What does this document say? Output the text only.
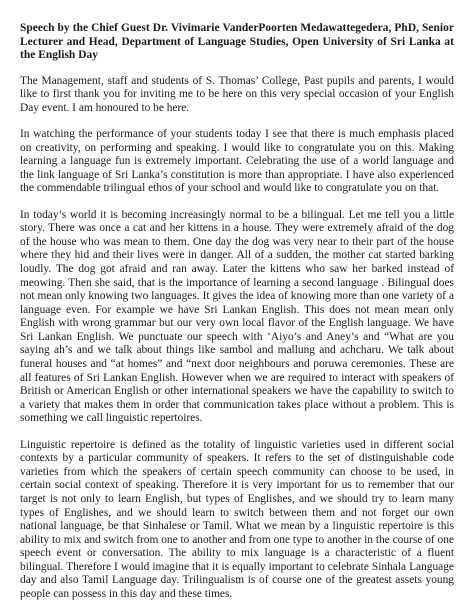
Speech by the Chief Guest Dr. Vivimarie VanderPoorten Medawattegedera, PhD, Senior Lecturer and Head, Department of Language Studies, Open University of Sri Lanka at the English Day

The Management, staff and students of S. Thomas’ College, Past pupils and parents, I would like to first thank you for inviting me to be here on this very special occasion of your English Day event. I am honoured to be here.

In watching the performance of your students today I see that there is much emphasis placed on creativity, on performing and speaking. I would like to congratulate you on this. Making learning a language fun is extremely important. Celebrating the use of a world language and the link language of Sri Lanka’s constitution is more than appropriate. I have also experienced the commendable trilingual ethos of your school and would like to congratulate you on that.

In today’s world it is becoming increasingly normal to be a bilingual. Let me tell you a little story. There was once a cat and her kittens in a house. They were extremely afraid of the dog of the house who was mean to them. One day the dog was very near to their part of the house where they hid and their lives were in danger. All of a sudden, the mother cat started barking loudly. The dog got afraid and ran away. Later the kittens who saw her barked instead of meowing. Then she said, that is the importance of learning a second language . Bilingual does not mean only knowing two languages. It gives the idea of knowing more than one variety of a language even. For example we have Sri Lankan English. This does not mean mean only English with wrong grammar but our very own local flavor of the English language. We have Sri Lankan English. We punctuate our speech with ‘Aiyo’s and Aney’s and “What are you saying ah’s and we talk about things like sambol and mallung and achcharu. We talk about funeral houses and “at homes” and “next door neighbours and poruwa ceremonies. These are all features of Sri Lankan English. However when we are required to interact with speakers of British or American English or other international speakers we have the capability to switch to a variety that makes them in order that communication takes place without a problem. This is something we call linguistic repertoires.

Linguistic repertoire is defined as the totality of linguistic varieties used in different social contexts by a particular community of speakers. It refers to the set of distinguishable code varieties from which the speakers of certain speech community can choose to be used, in certain social context of speaking. Therefore it is very important for us to remember that our target is not only to learn English, but types of Englishes, and we should try to learn many types of Englishes, and we should learn to switch between them and not forget our own national language, be that Sinhalese or Tamil. What we mean by a linguistic repertoire is this ability to mix and switch from one to another and from one type to another in the course of one speech event or conversation. The ability to mix language is a characteristic of a fluent bilingual. Therefore I would imagine that it is equally important to celebrate Sinhala Language day and also Tamil Language day. Trilingualism is of course one of the greatest assets young people can possess in this day and these times.
